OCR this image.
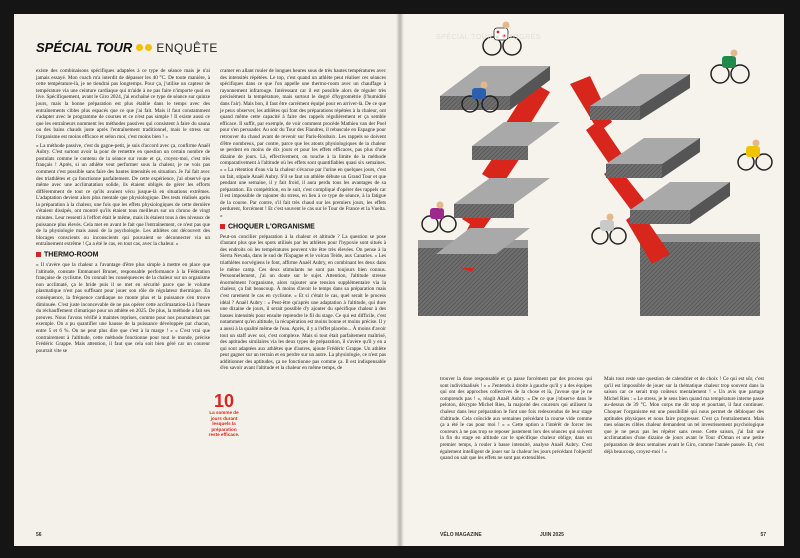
SPÉCIAL TOUR ENQUÊTE

existe des combinaisons spécifiques adaptées à ce type de séance mais je n'ai jamais essayé. Mon coach m'a interdit de dépasser les 40 °C. De toute manière, à cette température-là, je ne tiendrai pas longtemps. Pour ça, j'utilise un capteur de température via une ceinture cardiaque qui m'aide à ne pas faire n'importe quoi en live. Spécifiquement, avant le Giro 2024, j'ai enchaîné ce type de séance sur quinze jours, mais la bonne préparation est plus établie dans le temps avec des entraînements cibles plus espacés que ce que j'ai fait. Mais il faut constamment s'adapter avec le programme de courses et ce n'est pas simple ! Il existe aussi ce que les entraîneurs nomment les méthodes passives qui consistent à faire du sauna ou des bains chauds juste après l'entraînement traditionnel, mais le stress sur l'organisme est moins efficace et selon moi, c'est moins bien ! »

« La méthode passive, c'est du gagne-petit, je suis d'accord avec ça, confirme Anaël Aubry. C'est surtout avoir la pour de remettre en question un certain nombre de postulats comme le contenu de la séance sur route et ça, croyez-moi, c'est très français ! Après, si un athlète veut performer sous la chaleur, je ne vois pas comment c'est possible sans faire des hautes intensités en situation. Je l'ai fait avec des triathlètes et ça fonctionne parfaitement. De cette expérience, j'ai observé que même avec une acclimatation solide, ils étaient obligés de gérer les efforts différemment de tout ce qu'ils avaient vécu jusque-là en situations extrêmes. L'adaptation devient alors plus mentale que physiologique. Des tests réalisés après la préparation à la chaleur, une fois que les effets physiologiques de cette dernière s'étaient dissipés, ont montré qu'ils étaient tous meilleurs sur un chrono de vingt minutes. Leur ressenti à l'effort était le même, mais ils étaient tous à des niveaux de puissance plus élevés. Cela met en avant le fait que l'entraînement, ce n'est pas que de la physiologie mais aussi de la psychologie. Les athlètes ont découvert des blocages conscients ou inconscients qui pouvaient se déconnecter via un entraînement extrême ! Ça a été le cas, en tout cas, avec la chaleur. »

THERMO-ROOM

« Il s'avère que la chaleur a l'avantage d'être plus simple à mettre en place que l'altitude, constate Emmanuel Brunet, responsable performance à la Fédération française de cyclisme. On connaît les conséquences de la chaleur sur un organisme non acclimaté, ça le bride puis il se met en sécurité parce que le volume plasmatique n'est pas suffisant pour jouer son rôle de régulateur thermique. En conséquence, la fréquence cardiaque ne monte plus et la puissance s'en trouve diminuée. C'est juste inconcevable de ne pas opérer cette acclimatation-là à l'heure du réchauffement climatique pour un athlète en 2025. De plus, la méthode a fait ses preuves. Nous l'avons vérifié à maintes reprises, comme pour nos poursuiteurs par exemple. On a pu quantifier une hausse de la puissance développée par chacun, entre 5 et 6 %. On ne peut plus dire que c'est à la marge ! » « C'est vrai que contrairement à l'altitude, cette méthode fonctionne pour tout le monde, précise Frédéric Grappe. Mais attention, il faut que cela soit bien géré car un coureur pourrait vite se

cramer en allant rouler de longues heures sous de très hautes températures avec des intensités répétées. Le top, c'est quand un athlète peut réaliser ces séances spécifiques dans ce que l'on appelle une thermo-room avec un chauffage à rayonnement infrarouge. Intéressant car il est possible alors de réguler très précisément la température, mais surtout le degré d'hygrométrie (l'humidité dans l'air). Mais bon, il faut être carrément équipé pour en arriver-là. De ce que je peux observer, les athlètes qui font des préparations répétées à la chaleur, ont quand même cette capacité à faire des rappels régulièrement et ça semble efficace. Il suffit, par exemple, de voir comment procède Mathieu van der Poel pour s'en persuader. Au soir du Tour des Flandres, il rebascule en Espagne pour retrouver du chaud avant de revenir sur Paris-Roubaix. Les rappels se doivent d'être nombreux, par contre, parce que les atouts physiologiques de la chaleur se perdent en moins de dix jours et pour les effets efficaces, pas plus d'une dizaine de jours. Là, effectivement, on touche à la limite de la méthode comparativement à l'altitude où les effets sont quantifiables quasi six semaines. » « La rétention d'eau via la chaleur s'évacue par l'urine en quelques jours, c'est un fait, stipule Anaël Aubry. S'il se faut un athlète débute un Grand Tour et que pendant une semaine, il y fait froid, il aura perdu tous les avantages de sa préparation. En compétition, en le suit, c'est compliqué d'opérer des rappels car il est impossible de rajouter du stress, en lien à ce type de séance, à la fatigue de la course. Par contre, s'il fait très chaud sur les premiers jours, les effets perdurent, forcément ! Et c'est souvent le cas sur le Tour de France et la Vuelta. »

CHOQUER L'ORGANISME

Peut-on concilier préparation à la chaleur et altitude ? La question se pose d'autant plus que les spots utilisés par les athlètes pour l'hypoxie sont situés à des endroits où les températures peuvent vite être très élevées. On pense à la Sierra Nevada, dans le sud de l'Espagne et le volcan Teide, aux Canaries. « Les triathlètes norvégiens le font, affirme Anaël Aubry, en combinant les deux dans le même camp. Ces deux stimulants ne sont pas toujours bien connus. Personnellement, j'ai un doute sur le sujet. Attention, l'altitude stresse énormément l'organisme, alors rajouter une tension supplémentaire via la chaleur, ça fait beaucoup. À moins d'avoir le temps dans sa préparation mais c'est rarement le cas en cyclisme. » Et si c'était le cas, quel serait le process idéal ? Anaël Aubry : « Peut-être qu'après une adaptation à l'altitude, qui dure une dizaine de jours, il serait possible d'y ajouter du spécifique chaleur à des basses intensités pour ensuite reprendre le fil du stage. Ce qui est difficile, c'est notamment qu'en altitude, la récupération est moins bonne et moins précise. Il y a aussi à la qualité même de l'eau. Après, il y a l'effet placebo... À moins d'avoir tout un staff avec soi, c'est complexe. Mais si tout était parfaitement maîtrisé, des aptitudes similaires via les deux types de préparation, il s'avère qu'il y en a qui sont adaptées aux athlètes que d'autres, ajoute Frédéric Grappe. Un athlète peut gagner sur un terrain et en perdre sur un autre. La physiologie, ce n'est pas additionner des aptitudes, ça ne fonctionne pas comme ça. Il est indispensable d'en savoir avant l'altitude et la chaleur en même temps, de

10
La somme de jours durant lesquels la préparation reste efficace.
56

trouver la dose responsable et ça passe forcément par des process qui sont individualisés ! » « J'entends à droite à gauche qu'il y a des équipes qui ont des approches collectives de la chose et là, j'avoue que je ne comprends pas ! », réagit Anaël Aubry. « De ce que j'observe dans le peloton, décrypte Michel Ries, la majorité des coureurs qui utilisent la chaleur dans leur préparation le font une fois redescendus de leur stage d'altitude. Cela coïncide aux semaines précédant la course vide comme ça a été le cas pour moi ! » « Cette option a l'intérêt de forcer les coureurs à ne pas trop se reposer justement lors des séances qui suivent la fin du stage en altitude car le spécifique chaleur oblige, dans un premier temps, à rouler à basse intensité, analyse Anaël Aubry. C'est également intelligent de jouer sur la chaleur les jours précédant l'objectif quand on sait que les effets ne sont pas extensibles.

Mais tout reste une question de calendrier et de choix ! Ce qui est sûr, c'est qu'il est impossible de jouer sur la thématique chaleur trop souvent dans la saison car ce serait trop coûteux mentalement ! » Un avis que partage Michel Ries : « Le stress, je le sens bien quand ma température interne passe au-dessus de 39 °C. Mon corps me dit stop et pourtant, il faut continuer. Choquer l'organisme est une possibilité qui nous permet de débloquer des aptitudes physiques et nous faire progresser. C'est ça l'entraînement. Mais mes séances cibles chaleur demandent un tel investissement psychologique que je ne peux pas les répéter sans cesse. Cette saison, j'ai fait une acclimatation d'une dizaine de jours avant le Tour d'Oman et une petite préparation de deux semaines avant le Giro, comme l'année passée. Et, c'est déjà beaucoup, croyez-moi ! »

VÉLO MAGAZINE	JUIN 2025	57
SPÉCIAL TOUR ● PROGRÈS
